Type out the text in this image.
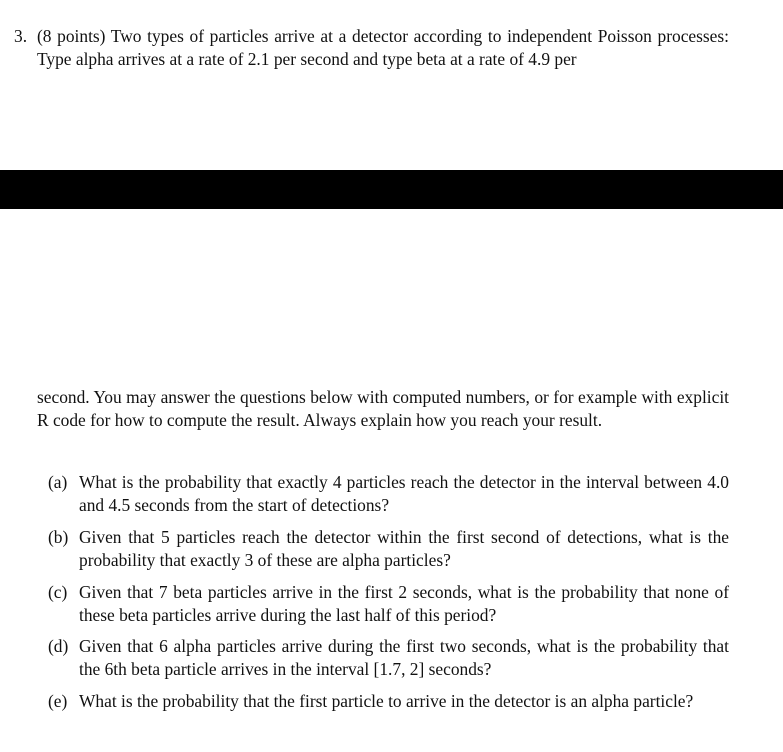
3. (8 points) Two types of particles arrive at a detector according to independent Poisson processes: Type alpha arrives at a rate of 2.1 per second and type beta at a rate of 4.9 per
second. You may answer the questions below with computed numbers, or for example with explicit R code for how to compute the result. Always explain how you reach your result.
(a) What is the probability that exactly 4 particles reach the detector in the interval between 4.0 and 4.5 seconds from the start of detections?
(b) Given that 5 particles reach the detector within the first second of detections, what is the probability that exactly 3 of these are alpha particles?
(c) Given that 7 beta particles arrive in the first 2 seconds, what is the probability that none of these beta particles arrive during the last half of this period?
(d) Given that 6 alpha particles arrive during the first two seconds, what is the probability that the 6th beta particle arrives in the interval [1.7, 2] seconds?
(e) What is the probability that the first particle to arrive in the detector is an alpha particle?
